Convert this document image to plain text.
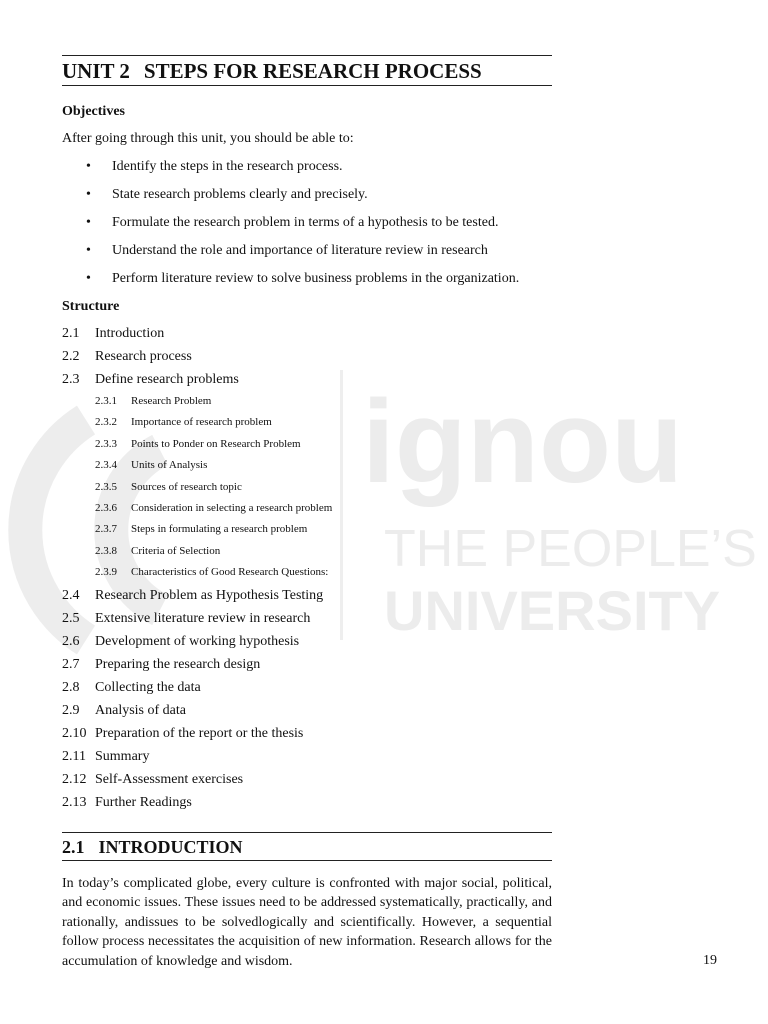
ignou
THE PEOPLE’S
UNIVERSITY
UNIT 2 STEPS FOR RESEARCH PROCESS
Objectives
After going through this unit, you should be able to:
• Identify the steps in the research process.
• State research problems clearly and precisely.
• Formulate the research problem in terms of a hypothesis to be tested.
• Understand the role and importance of literature review in research
• Perform literature review to solve business problems in the organization.
Structure
2.1	Introduction
2.2	Research process
2.3	Define research problems
2.3.1	Research Problem
2.3.2	Importance of research problem
2.3.3	Points to Ponder on Research Problem
2.3.4	Units of Analysis
2.3.5	Sources of research topic
2.3.6	Consideration in selecting a research problem
2.3.7	Steps in formulating a research problem
2.3.8	Criteria of Selection
2.3.9	Characteristics of Good Research Questions:
2.4	Research Problem as Hypothesis Testing
2.5	Extensive literature review in research
2.6	Development of working hypothesis
2.7	Preparing the research design
2.8	Collecting the data
2.9	Analysis of data
2.10 Preparation of the report or the thesis
2.11 Summary
2.12 Self-Assessment exercises
2.13 Further Readings
2.1 INTRODUCTION
In today’s complicated globe, every culture is confronted with major social, political, and economic issues. These issues need to be addressed systematically, practically, and rationally, andissues to be solvedlogically and scientifically. However, a sequential follow process necessitates the acquisition of new information. Research allows for the accumulation of knowledge and wisdom.	19
